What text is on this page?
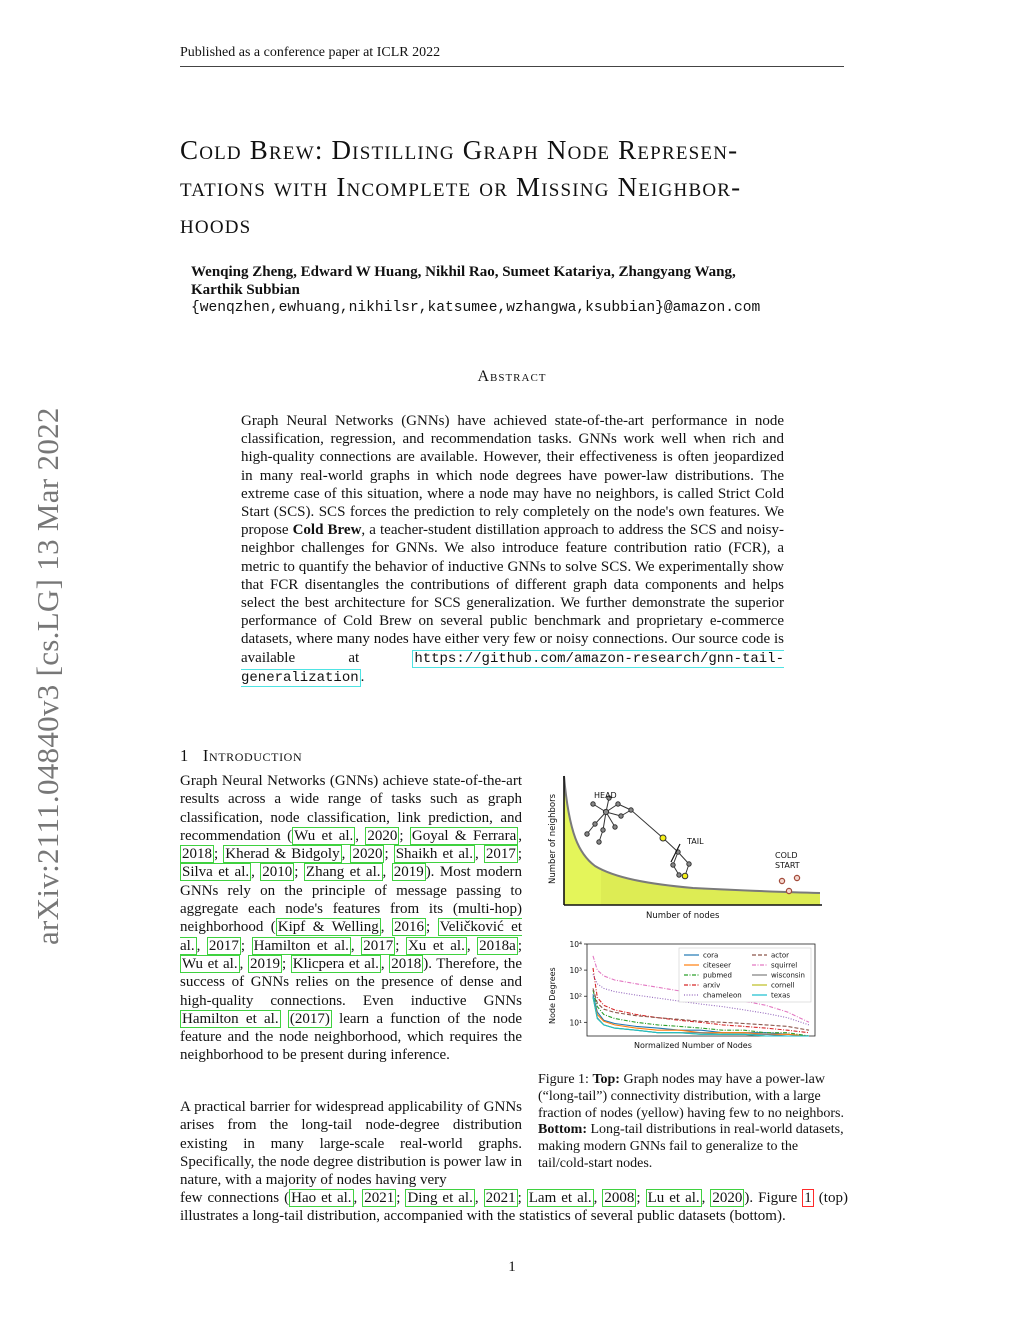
Published as a conference paper at ICLR 2022
arXiv:2111.04840v3 [cs.LG] 13 Mar 2022
Cold Brew: Distilling Graph Node Represen-
tations with Incomplete or Missing Neighbor-
hoods
Wenqing Zheng, Edward W Huang, Nikhil Rao, Sumeet Katariya, Zhangyang Wang,
Karthik Subbian
{wenqzhen,ewhuang,nikhilsr,katsumee,wzhangwa,ksubbian}@amazon.com
Abstract
Graph Neural Networks (GNNs) have achieved state-of-the-art performance in node classification, regression, and recommendation tasks. GNNs work well when rich and high-quality connections are available. However, their effectiveness is often jeopardized in many real-world graphs in which node degrees have power-law distributions. The extreme case of this situation, where a node may have no neighbors, is called Strict Cold Start (SCS). SCS forces the prediction to rely completely on the node's own features. We propose Cold Brew, a teacher-student distillation approach to address the SCS and noisy-neighbor challenges for GNNs. We also introduce feature contribution ratio (FCR), a metric to quantify the behavior of inductive GNNs to solve SCS. We experimentally show that FCR disentangles the contributions of different graph data components and helps select the best architecture for SCS generalization. We further demonstrate the superior performance of Cold Brew on several public benchmark and proprietary e-commerce datasets, where many nodes have either very few or noisy connections. Our source code is available at https://github.com/amazon-research/gnn-tail-generalization .
1 Introduction
Graph Neural Networks (GNNs) achieve state-of-the-art results across a wide range of tasks such as graph classification, node classification, link prediction, and recommendation ( Wu et al. , 2020 ; Goyal & Ferrara , 2018 ; Kherad & Bidgoly , 2020 ; Shaikh et al. , 2017 ; Silva et al. , 2010 ; Zhang et al. , 2019 ). Most modern GNNs rely on the principle of message passing to aggregate each node's features from its (multi-hop) neighborhood ( Kipf & Welling , 2016 ; Veličković et al. , 2017 ; Hamilton et al. , 2017 ; Xu et al. , 2018a ; Wu et al. , 2019 ; Klicpera et al. , 2018 ). Therefore, the success of GNNs relies on the presence of dense and high-quality connections. Even inductive GNNs Hamilton et al. (2017) learn a function of the node feature and the node neighborhood, which requires the neighborhood to be present during inference.
A practical barrier for widespread applicability of GNNs arises from the long-tail node-degree distribution existing in many large-scale real-world graphs. Specifically, the node degree distribution is power law in nature, with a majority of nodes having very
few connections ( Hao et al. , 2021 ; Ding et al. , 2021 ; Lam et al. , 2008 ; Lu et al. , 2020 ). Figure 1 (top) illustrates a long-tail distribution, accompanied with the statistics of several public datasets (bottom).
Number of neighbors
Number of nodes
HEAD
TAIL
COLD
START
10¹
10²
10³
10⁴
cora
citeseer
pubmed
arxiv
chameleon
actor
squirrel
wisconsin
cornell
texas
Node Degrees
Normalized Number of Nodes
Figure 1: Top: Graph nodes may have a power-law (“long-tail”) connectivity distribution, with a large fraction of nodes (yellow) having few to no neighbors. Bottom: Long-tail distributions in real-world datasets, making modern GNNs fail to generalize to the tail/cold-start nodes.
1
